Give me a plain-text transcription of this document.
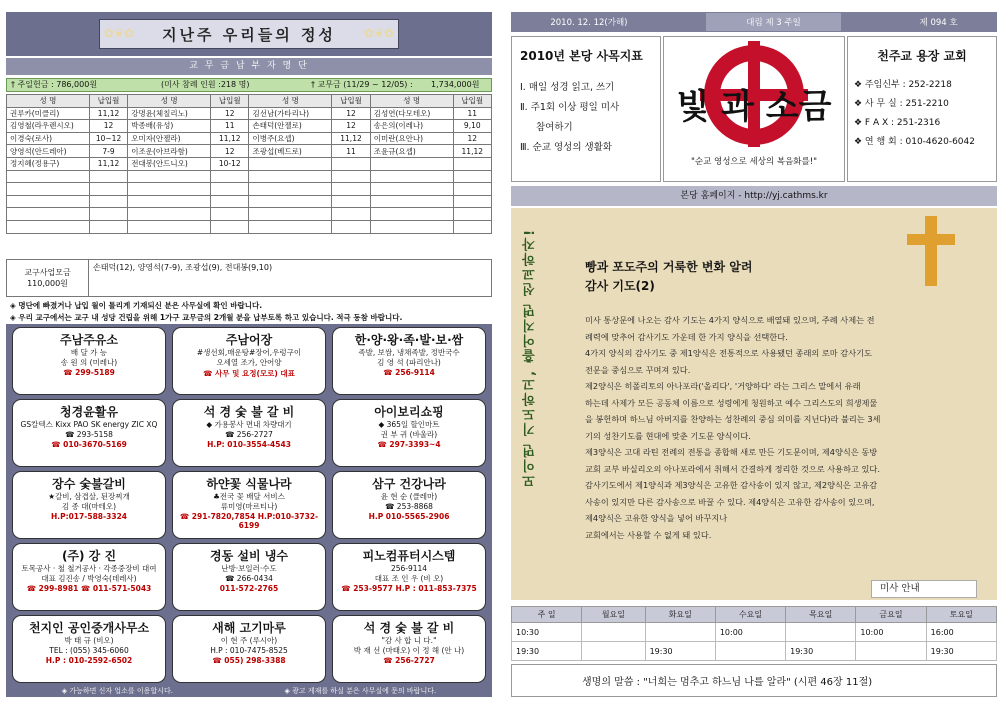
✿❦✿	지난주 우리들의 정성	✿❦✿
교 무 금 납 부 자 명 단
† 주일헌금 : 786,000원	(미사 참례 인원 :218 명)	† 교무금 (11/29 ~ 12/05) :	1,734,000원
성 명	납입월	성 명	납입월	성 명	납입월	성 명	납입월
권루카(미클리)	11,12	강명윤(체칠리노)	12	김선남(가타리나)	12	김성연(다모테오)	11
김영철(라우렌시오)	12	박종배(유성)	11	손태덕(안젤로)	12	송은의(이레나)	9,10
이경숙(로사)	10~12	오미자(안젤라)	11,12	이병주(요셉)	11,12	이미란(요안나)	12
양영석(안드레아)	7-9	이조운(아브라함)	12	조광섭(베드로)	11	조윤규(요셉)	11,12
정지혜(정용구)	11,12	전대봉(안드니오)	10-12				

교구사업모금
110,000원
손태덕(12), 양영석(7-9), 조광섭(9), 전대봉(9,10)
◈ 명단에 빠졌거나 납입 월이 틀리게 기재되신 분은 사무실에 확인 바랍니다.
◈ 우리 교구에서는 교구 내 성당 건립을 위해 1가구 교무금의 2개월 분을 납부토록 하고 있습니다. 적극 동참 바랍니다.
주남주유소
배 달 가 능
송 원 의 (미레나)
☎ 299-5189
주남어장
#생선회,매운탕#장어,우렁구이
오세열 조가, 안어양
☎ 사무 및 요정(모로) 대표
한·양·왕·족·발·보·쌈
족발, 보쌈, 냉채족발, 정반국수
김 영 석 (파리안나)
☎ 256-9114
청경윤활유
GS칼텍스 Kixx PAO SK energy ZIC XQ
☎ 293-5158
☎ 010-3670-5169
석 경 숯 불 갈 비
◆ 가용봉사 면내 차량대기
☎ 256-2727
H.P: 010-3554-4543
아이보리쇼핑
◆ 365일 할인마트
권 부 귀 (바울라)
☎ 297-3393~4
장수 숯불갈비
★갈비, 삼겹살, 된장찌개
김 종 대(마테오)
H.P:017-588-3324
하얀꽃 식물나라
♣전국 꽃 배달 서비스
류미영(마르티나)
☎ 291-7820,7854 H.P:010-3732-6199
삼구 건강나라
윤 현 순 (클레마)
☎ 253-8868
H.P 010-5565-2906
(주) 강 진
토목공사 · 철 철거공사 · 각종중장비 대여
대표 김진송 / 박영숙(데레사)
☎ 299-8981 ☎ 011-571-5043
경동 설비 냉수
난방·보일러·수도
☎ 266-0434
011-572-2765
피노컴퓨터시스템
256-9114
대표 조 인 우 (비 오)
☎ 253-9577 H.P : 011-853-7375
천지인 공인중개사무소
박 태 규 (비오)
TEL : (055) 345-6060
H.P : 010-2592-6502
새해 고기마루
이 현 주 (루시아)
H.P : 010-7475-8525
☎ 055) 298-3388
석 경 숯 불 갈 비
"감 사 합 니 다."
박 재 선 (마태오) 이 정 해 (안 나)
☎ 256-2727
◈ 가능하면 신자 업소를 이용합시다.	◈ 광고 게재를 하실 분은 사무실에 문의 바랍니다.
2010. 12. 12(가해)	대림 제 3 주일	제 094 호
2010년 본당 사목지표
Ⅰ. 매일 성경 읽고, 쓰기
Ⅱ. 주1회 이상 평일 미사
참여하기
Ⅲ. 순교 영성의 생활화
빛 과 소금
"순교 영성으로 세상의 복음화를!"
천주교 용장 교회
❖ 주임신부 : 252-2218
❖ 사 무 실 : 251-2210
❖ F A X : 251-2316
❖ 연 행 회 : 010-4620-6042
본당 홈페이지 - http://yj.cathms.kr
모이면 기도하고, 흩어지면 선교하자!	빵과 포도주의 거룩한 변화 알려
감사 기도(2)
미사 통상문에 나오는 감사 기도는 4가지 양식으로 배열돼 있으며, 주례 사제는 전
례력에 맞추어 감사기도 가운데 한 가지 양식을 선택한다.
4가지 양식의 감사기도 중 제1양식은 전통적으로 사용됐던 종래의 로마 감사기도
전문을 중심으로 꾸며져 있다.
제2양식은 히폴리토의 아나포라('올리다', '거양하다' 라는 그리스 말에서 유래
하는데 사제가 모든 공동체 이름으로 성령에게 청원하고 예수 그리스도의 희생제물
을 봉헌하며 하느님 아버지를 찬양하는 성찬례의 중심 의미를 지닌다)라 불리는 3세
기의 성찬기도를 현대에 맞춘 기도문 양식이다.
제3양식은 고대 라틴 전례의 전통을 종합해 새로 만든 기도문이며, 제4양식은 동방
교회 교부 바실리오의 아나포라에서 취해서 간결하게 정리한 것으로 사용하고 있다.
감사기도에서 제1양식과 제3양식은 고유한 감사송이 있지 않고, 제2양식은 고유감
사송이 있지만 다른 감사송으로 바꿀 수 있다. 제4양식은 고유한 감사송이 있으며,
제4양식은 고유한 양식을 넣어 바꾸지나
교회에서는 사용할 수 없게 돼 있다.
미사 안내
주 일	월요일	화요일	수요일	목요일	금요일	토요일
10:30			10:00		10:00	16:00
19:30		19:30		19:30		19:30
생명의 말씀 : "너희는 멈추고 하느님 나를 알라" (시편 46장 11절)
